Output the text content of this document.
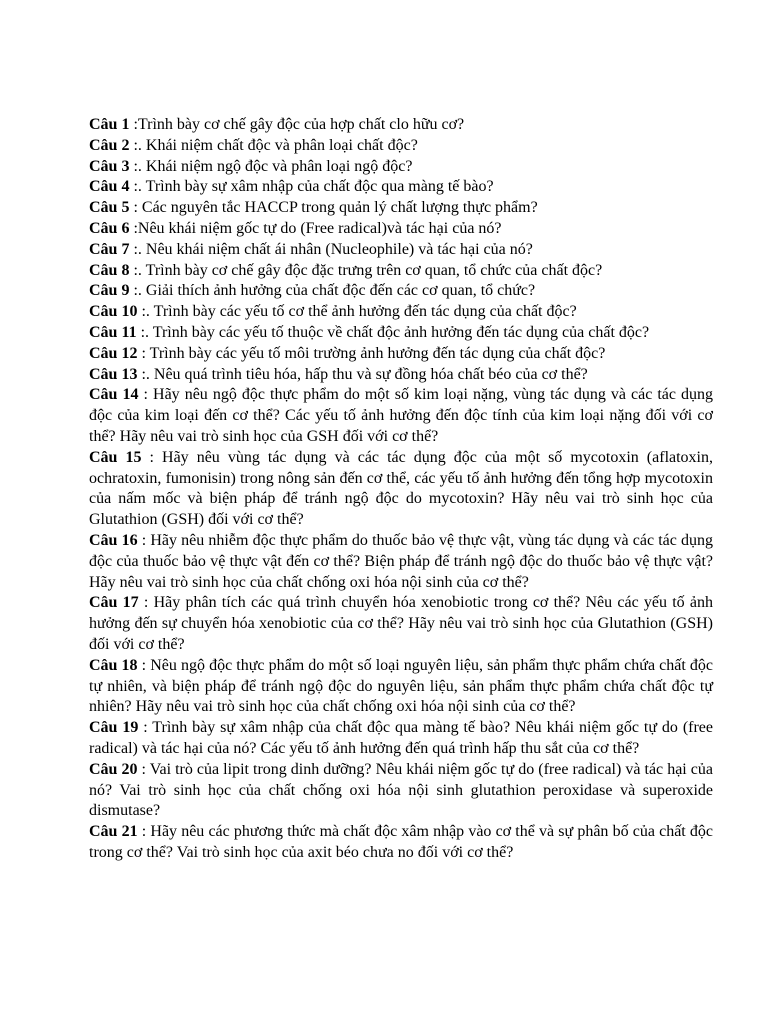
Câu 1 :Trình bày cơ chế gây độc của hợp chất clo hữu cơ?

Câu 2 :. Khái niệm chất độc và phân loại chất độc?

Câu 3 :. Khái niệm ngộ độc và phân loại ngộ độc?

Câu 4 :. Trình bày sự xâm nhập của chất độc qua màng tế bào?

Câu 5 : Các nguyên tắc HACCP trong quản lý chất lượng thực phẩm?

Câu 6 :Nêu khái niệm gốc tự do (Free radical)và tác hại của nó?

Câu 7 :. Nêu khái niệm chất ái nhân (Nucleophile) và tác hại của nó?

Câu 8 :. Trình bày cơ chế gây độc đặc trưng trên cơ quan, tổ chức của chất độc?

Câu 9 :. Giải thích ảnh hưởng của chất độc đến các cơ quan, tổ chức?

Câu 10 :. Trình bày các yếu tố cơ thể ảnh hưởng đến tác dụng của chất độc?

Câu 11 :. Trình bày các yếu tố thuộc về chất độc ảnh hưởng đến tác dụng của chất độc?

Câu 12 : Trình bày các yếu tố môi trường ảnh hưởng đến tác dụng của chất độc?

Câu 13 :. Nêu quá trình tiêu hóa, hấp thu và sự đồng hóa chất béo của cơ thể?

Câu 14 : Hãy nêu ngộ độc thực phẩm do một số kim loại nặng, vùng tác dụng và các tác dụng độc của kim loại đến cơ thể? Các yếu tố ảnh hưởng đến độc tính của kim loại nặng đối với cơ thể? Hãy nêu vai trò sinh học của GSH đối với cơ thể?

Câu 15 : Hãy nêu vùng tác dụng và các tác dụng độc của một số mycotoxin (aflatoxin, ochratoxin, fumonisin) trong nông sản đến cơ thể, các yếu tố ảnh hưởng đến tổng hợp mycotoxin của nấm mốc và biện pháp để tránh ngộ độc do mycotoxin? Hãy nêu vai trò sinh học của Glutathion (GSH) đối với cơ thể?

Câu 16 : Hãy nêu nhiễm độc thực phẩm do thuốc bảo vệ thực vật, vùng tác dụng và các tác dụng độc của thuốc bảo vệ thực vật đến cơ thể? Biện pháp để tránh ngộ độc do thuốc bảo vệ thực vật? Hãy nêu vai trò sinh học của chất chống oxi hóa nội sinh của cơ thể?

Câu 17 : Hãy phân tích các quá trình chuyển hóa xenobiotic trong cơ thể? Nêu các yếu tố ảnh hưởng đến sự chuyển hóa xenobiotic của cơ thể? Hãy nêu vai trò sinh học của Glutathion (GSH) đối với cơ thể?

Câu 18 : Nêu ngộ độc thực phẩm do một số loại nguyên liệu, sản phẩm thực phẩm chứa chất độc tự nhiên, và biện pháp để tránh ngộ độc do nguyên liệu, sản phẩm thực phẩm chứa chất độc tự nhiên? Hãy nêu vai trò sinh học của chất chống oxi hóa nội sinh của cơ thể?

Câu 19 : Trình bày sự xâm nhập của chất độc qua màng tế bào? Nêu khái niệm gốc tự do (free radical) và tác hại của nó? Các yếu tố ảnh hưởng đến quá trình hấp thu sắt của cơ thể?

Câu 20 : Vai trò của lipit trong dinh dưỡng? Nêu khái niệm gốc tự do (free radical) và tác hại của nó? Vai trò sinh học của chất chống oxi hóa nội sinh glutathion peroxidase và superoxide dismutase?

Câu 21 : Hãy nêu các phương thức mà chất độc xâm nhập vào cơ thể và sự phân bố của chất độc trong cơ thể? Vai trò sinh học của axit béo chưa no đối với cơ thể?
